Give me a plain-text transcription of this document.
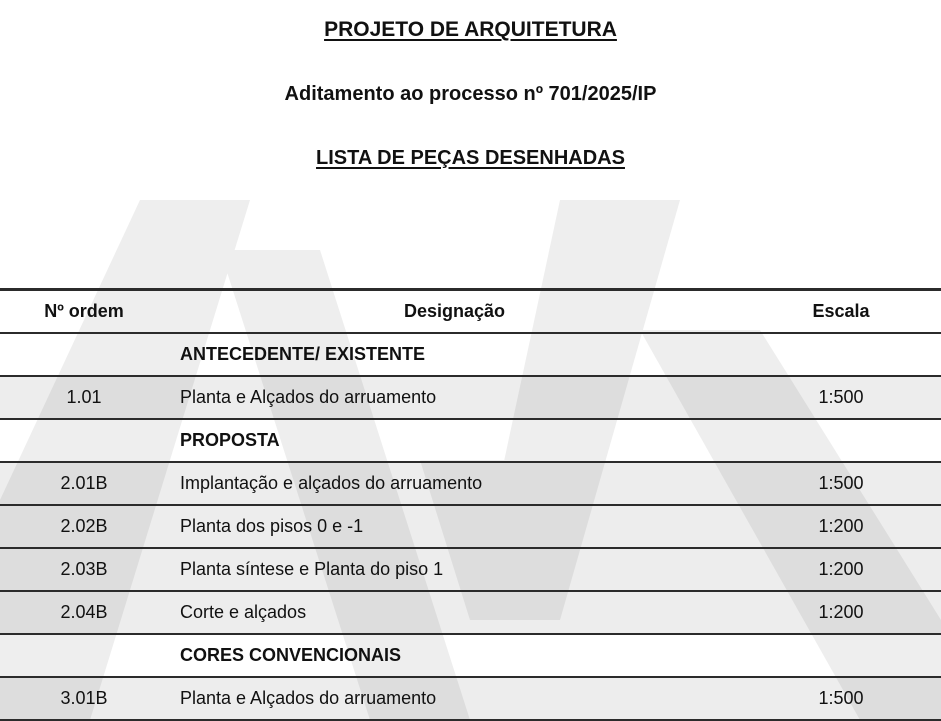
PROJETO DE ARQUITETURA
Aditamento ao processo nº 701/2025/IP
LISTA DE PEÇAS DESENHADAS
Nº ordem	Designação	Escala
	ANTECEDENTE/ EXISTENTE	
1.01	Planta e Alçados do arruamento	1:500
	PROPOSTA	
2.01B	Implantação e alçados do arruamento	1:500
2.02B	Planta dos pisos 0 e -1	1:200
2.03B	Planta síntese e Planta do piso 1	1:200
2.04B	Corte e alçados	1:200
	CORES CONVENCIONAIS	
3.01B	Planta e Alçados do arruamento	1:500
